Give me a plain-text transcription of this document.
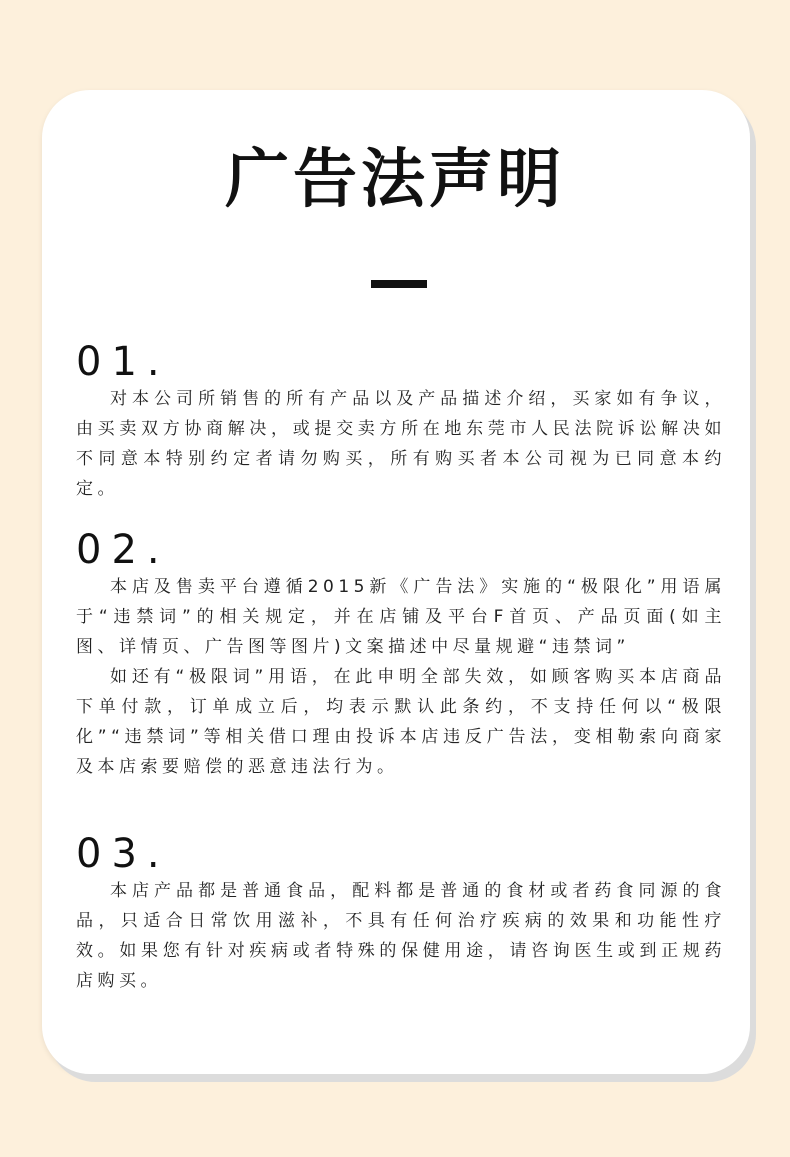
广告法声明

01.

对本公司所销售的所有产品以及产品描述介绍，买家如有争议，由买卖双方协商解决，或提交卖方所在地东莞市人民法院诉讼解决如不同意本特别约定者请勿购买，所有购买者本公司视为已同意本约定。

02.

本店及售卖平台遵循2015新《广告法》实施的“极限化”用语属于“违禁词”的相关规定，并在店铺及平台F首页、产品页面(如主图、详情页、广告图等图片)文案描述中尽量规避“违禁词”

如还有“极限词”用语，在此申明全部失效，如顾客购买本店商品下单付款，订单成立后，均表示默认此条约，不支持任何以“极限化”“违禁词”等相关借口理由投诉本店违反广告法，变相勒索向商家及本店索要赔偿的恶意违法行为。

03.

本店产品都是普通食品，配料都是普通的食材或者药食同源的食品，只适合日常饮用滋补，不具有任何治疗疾病的效果和功能性疗效。如果您有针对疾病或者特殊的保健用途，请咨询医生或到正规药店购买。
